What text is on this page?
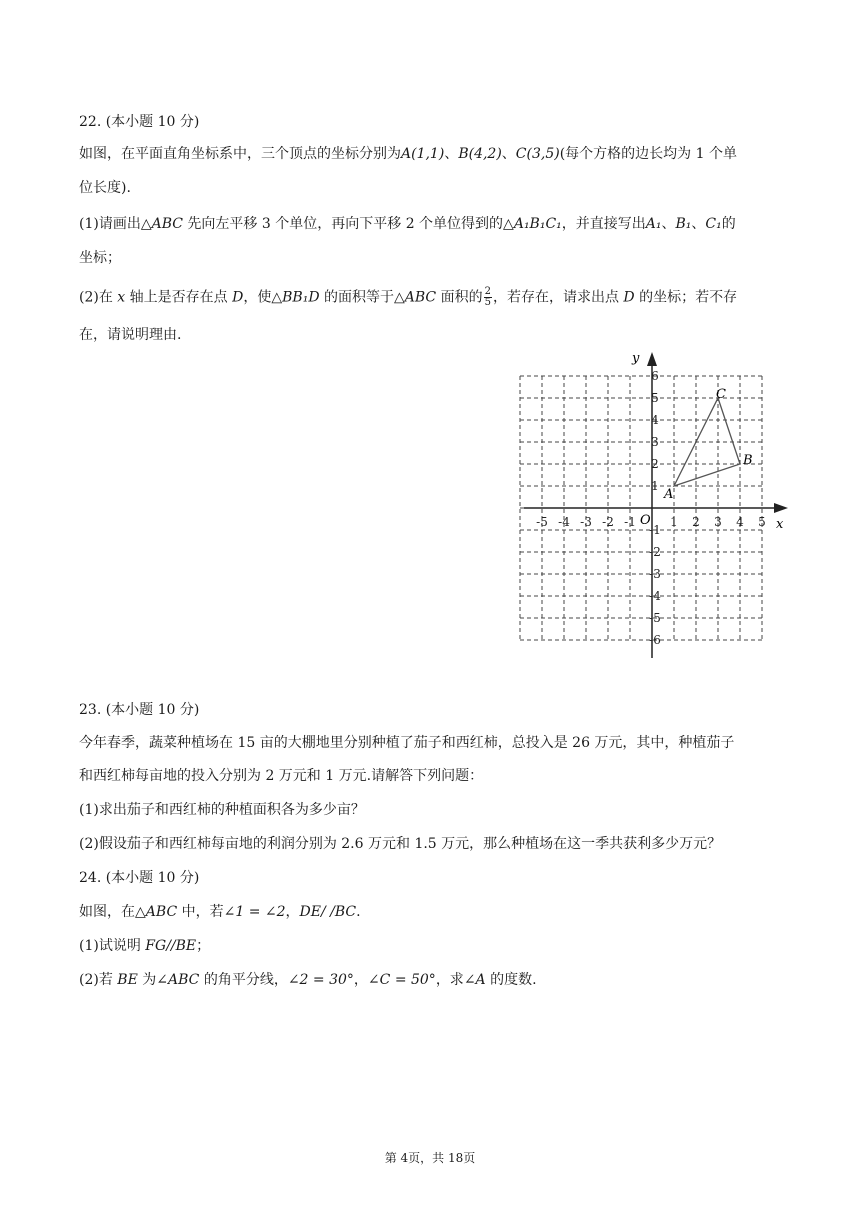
22. (本小题 10 分)
如图，在平面直角坐标系中，三个顶点的坐标分别为A(1,1)、B(4,2)、C(3,5)(每个方格的边长均为 1 个单
位长度).
(1)请画出△ABC 先向左平移 3 个单位，再向下平移 2 个单位得到的△A₁B₁C₁，并直接写出A₁、B₁、C₁的
坐标；
(2)在 x 轴上是否存在点 D，使△BB₁D 的面积等于△ABC 面积的 $\frac{2}{5}$ ，若存在，请求出点 D 的坐标；若不存
在，请说明理由.
y
x
O
A
B
C
1
2
3
4
5
6
-1
-2
-3
-4
-5
-6
-5 -4 -3 -2 -1	1 2 3 4 5
23. (本小题 10 分)
今年春季，蔬菜种植场在 15 亩的大棚地里分别种植了茄子和西红柿，总投入是 26 万元，其中，种植茄子
和西红柿每亩地的投入分别为 2 万元和 1 万元.请解答下列问题：
(1)求出茄子和西红柿的种植面积各为多少亩？
(2)假设茄子和西红柿每亩地的利润分别为 2.6 万元和 1.5 万元，那么种植场在这一季共获利多少万元？
24. (本小题 10 分)
如图，在△ABC 中，若∠1 = ∠2，DE/ /BC.
(1)试说明 FG//BE；
(2)若 BE 为∠ABC 的角平分线，∠2 = 30°，∠C = 50°，求∠A 的度数.
第 4页，共 18页
